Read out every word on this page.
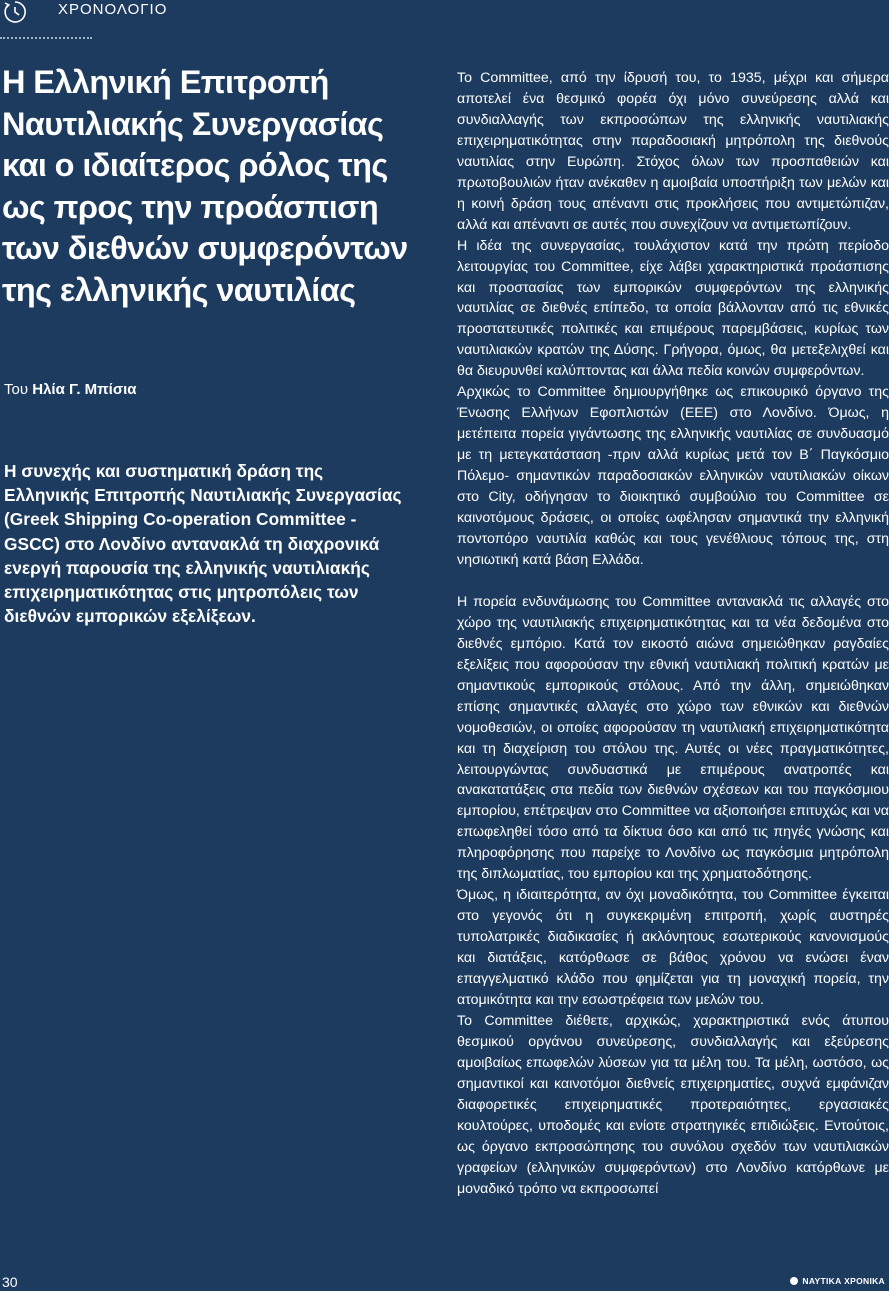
ΧΡΟΝΟΛΟΓΙΟ
Η Ελληνική Επιτροπή Ναυτιλιακής Συνεργασίας και ο ιδιαίτερος ρόλος της ως προς την προάσπιση των διεθνών συμφερόντων της ελληνικής ναυτιλίας
Του Ηλία Γ. Μπίσια
Η συνεχής και συστηματική δράση της Ελληνικής Επιτροπής Ναυτιλιακής Συνεργασίας (Greek Shipping Co-operation Committee - GSCC) στο Λονδίνο αντανακλά τη διαχρονικά ενεργή παρουσία της ελληνικής ναυτιλιακής επιχειρηματικότητας στις μητροπόλεις των διεθνών εμπορικών εξελίξεων.

Το Committee, από την ίδρυσή του, το 1935, μέχρι και σήμερα αποτελεί ένα θεσμικό φορέα όχι μόνο συνεύρεσης αλλά και συνδιαλλαγής των εκπροσώπων της ελληνικής ναυτιλιακής επιχειρηματικότητας στην παραδοσιακή μητρόπολη της διεθνούς ναυτιλίας στην Ευρώπη. Στόχος όλων των προσπαθειών και πρωτοβουλιών ήταν ανέκαθεν η αμοιβαία υποστήριξη των μελών και η κοινή δράση τους απέναντι στις προκλήσεις που αντιμετώπιζαν, αλλά και απέναντι σε αυτές που συνεχίζουν να αντιμετωπίζουν.

Η ιδέα της συνεργασίας, τουλάχιστον κατά την πρώτη περίοδο λειτουργίας του Committee, είχε λάβει χαρακτηριστικά προάσπισης και προστασίας των εμπορικών συμφερόντων της ελληνικής ναυτιλίας σε διεθνές επίπεδο, τα οποία βάλλονταν από τις εθνικές προστατευτικές πολιτικές και επιμέρους παρεμβάσεις, κυρίως των ναυτιλιακών κρατών της Δύσης. Γρήγορα, όμως, θα μετεξελιχθεί και θα διευρυνθεί καλύπτοντας και άλλα πεδία κοινών συμφερόντων.

Αρχικώς το Committee δημιουργήθηκε ως επικουρικό όργανο της Ένωσης Ελλήνων Εφοπλιστών (ΕΕΕ) στο Λονδίνο. Όμως, η μετέπειτα πορεία γιγάντωσης της ελληνικής ναυτιλίας σε συνδυασμό με τη μετεγκατάσταση -πριν αλλά κυρίως μετά τον Β΄ Παγκόσμιο Πόλεμο- σημαντικών παραδοσιακών ελληνικών ναυτιλιακών οίκων στο City, οδήγησαν το διοικητικό συμβούλιο του Committee σε καινοτόμους δράσεις, οι οποίες ωφέλησαν σημαντικά την ελληνική ποντοπόρο ναυτιλία καθώς και τους γενέθλιους τόπους της, στη νησιωτική κατά βάση Ελλάδα.

Η πορεία ενδυνάμωσης του Committee αντανακλά τις αλλαγές στο χώρο της ναυτιλιακής επιχειρηματικότητας και τα νέα δεδομένα στο διεθνές εμπόριο. Κατά τον εικοστό αιώνα σημειώθηκαν ραγδαίες εξελίξεις που αφορούσαν την εθνική ναυτιλιακή πολιτική κρατών με σημαντικούς εμπορικούς στόλους. Από την άλλη, σημειώθηκαν επίσης σημαντικές αλλαγές στο χώρο των εθνικών και διεθνών νομοθεσιών, οι οποίες αφορούσαν τη ναυτιλιακή επιχειρηματικότητα και τη διαχείριση του στόλου της. Αυτές οι νέες πραγματικότητες, λειτουργώντας συνδυαστικά με επιμέρους ανατροπές και ανακατατάξεις στα πεδία των διεθνών σχέσεων και του παγκόσμιου εμπορίου, επέτρεψαν στο Committee να αξιοποιήσει επιτυχώς και να επωφεληθεί τόσο από τα δίκτυα όσο και από τις πηγές γνώσης και πληροφόρησης που παρείχε το Λονδίνο ως παγκόσμια μητρόπολη της διπλωματίας, του εμπορίου και της χρηματοδότησης.

Όμως, η ιδιαιτερότητα, αν όχι μοναδικότητα, του Committee έγκειται στο γεγονός ότι η συγκεκριμένη επιτροπή, χωρίς αυστηρές τυπολατρικές διαδικασίες ή ακλόνητους εσωτερικούς κανονισμούς και διατάξεις, κατόρθωσε σε βάθος χρόνου να ενώσει έναν επαγγελματικό κλάδο που φημίζεται για τη μοναχική πορεία, την ατομικότητα και την εσωστρέφεια των μελών του.

Το Committee διέθετε, αρχικώς, χαρακτηριστικά ενός άτυπου θεσμικού οργάνου συνεύρεσης, συνδιαλλαγής και εξεύρεσης αμοιβαίως επωφελών λύσεων για τα μέλη του. Τα μέλη, ωστόσο, ως σημαντικοί και καινοτόμοι διεθνείς επιχειρηματίες, συχνά εμφάνιζαν διαφορετικές επιχειρηματικές προτεραιότητες, εργασιακές κουλτούρες, υποδομές και ενίοτε στρατηγικές επιδιώξεις. Εντούτοις, ως όργανο εκπροσώπησης του συνόλου σχεδόν των ναυτιλιακών γραφείων (ελληνικών συμφερόντων) στο Λονδίνο κατόρθωνε με μοναδικό τρόπο να εκπροσωπεί

30	ΝΑΥΤΙΚΑ ΧΡΟΝΙΚΑ
